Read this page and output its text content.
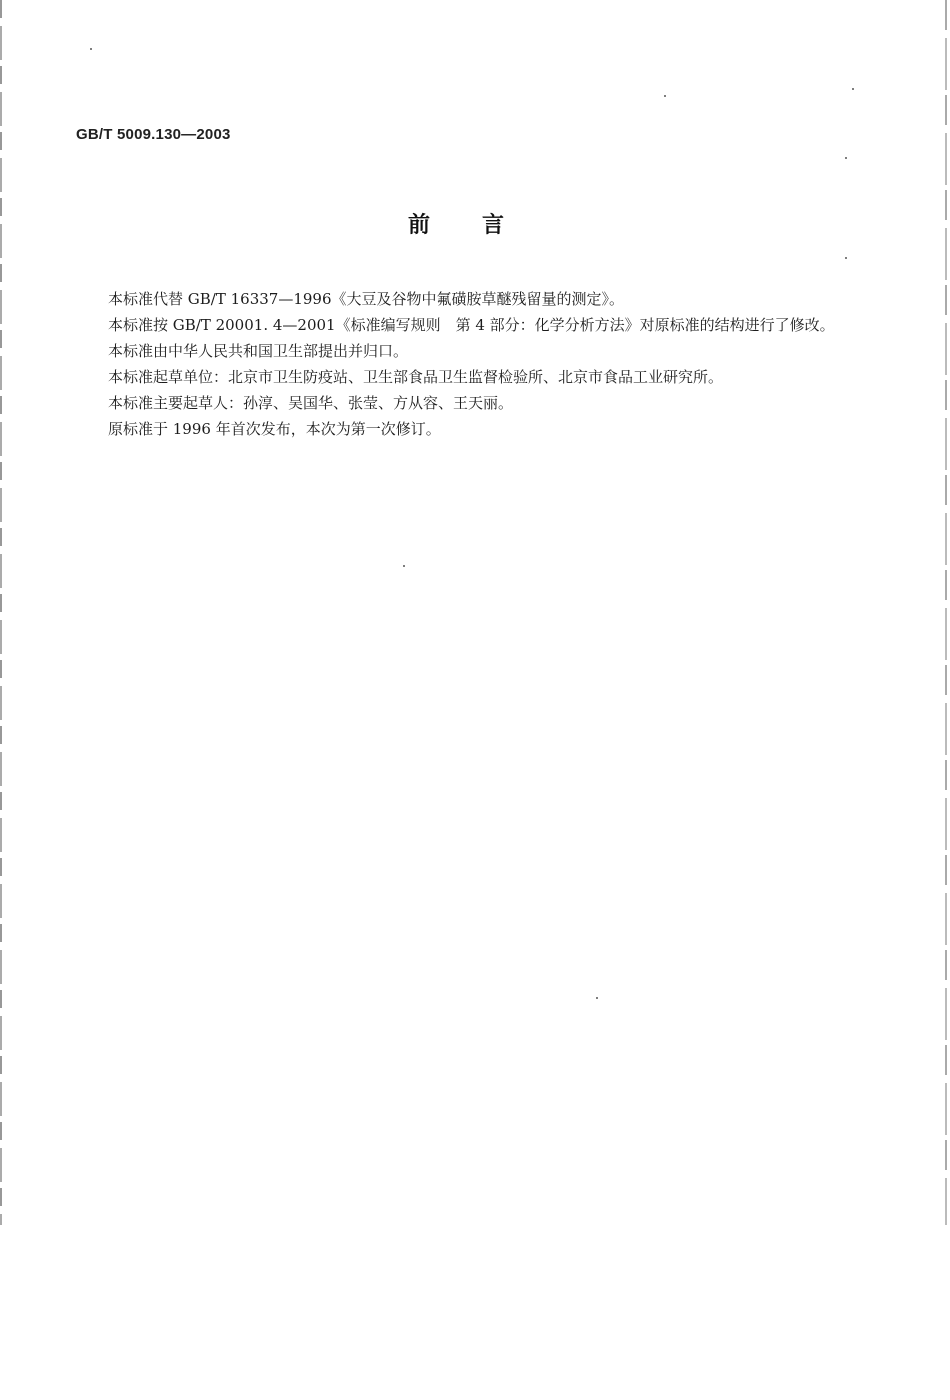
GB/T 5009.130—2003
前言

本标准代替 GB/T 16337—1996《大豆及谷物中氟磺胺草醚残留量的测定》。

本标准按 GB/T 20001. 4—2001《标准编写规则　第 4 部分：化学分析方法》对原标准的结构进行了修改。

本标准由中华人民共和国卫生部提出并归口。

本标准起草单位：北京市卫生防疫站、卫生部食品卫生监督检验所、北京市食品工业研究所。

本标准主要起草人：孙淳、吴国华、张莹、方从容、王天丽。

原标准于 1996 年首次发布，本次为第一次修订。
